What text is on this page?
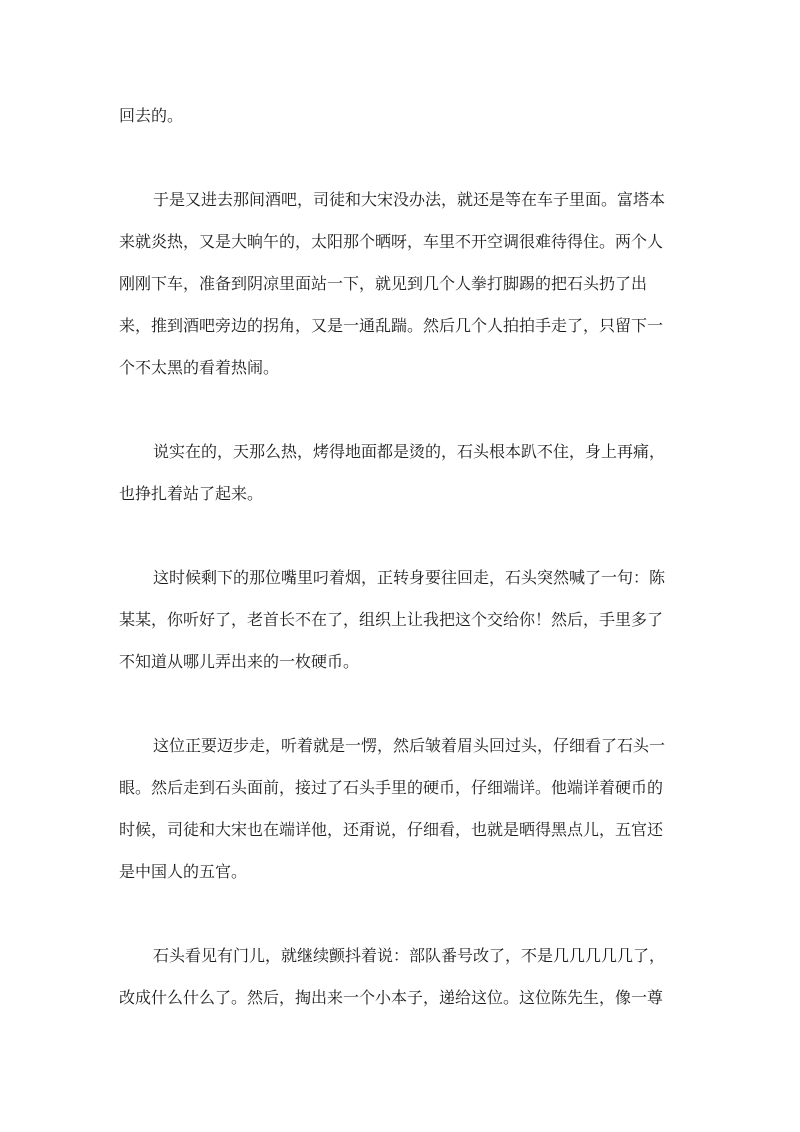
回去的。
于是又进去那间酒吧，司徒和大宋没办法，就还是等在车子里面。富塔本
来就炎热，又是大晌午的，太阳那个晒呀，车里不开空调很难待得住。两个人
刚刚下车，准备到阴凉里面站一下，就见到几个人拳打脚踢的把石头扔了出
来，推到酒吧旁边的拐角，又是一通乱踹。然后几个人拍拍手走了，只留下一
个不太黑的看着热闹。
说实在的，天那么热，烤得地面都是烫的，石头根本趴不住，身上再痛，
也挣扎着站了起来。
这时候剩下的那位嘴里叼着烟，正转身要往回走，石头突然喊了一句：陈
某某，你听好了，老首长不在了，组织上让我把这个交给你！然后，手里多了
不知道从哪儿弄出来的一枚硬币。
这位正要迈步走，听着就是一愣，然后皱着眉头回过头，仔细看了石头一
眼。然后走到石头面前，接过了石头手里的硬币，仔细端详。他端详着硬币的
时候，司徒和大宋也在端详他，还甭说，仔细看，也就是晒得黑点儿，五官还
是中国人的五官。
石头看见有门儿，就继续颤抖着说：部队番号改了，不是几几几几几了，
改成什么什么了。然后，掏出来一个小本子，递给这位。这位陈先生，像一尊
